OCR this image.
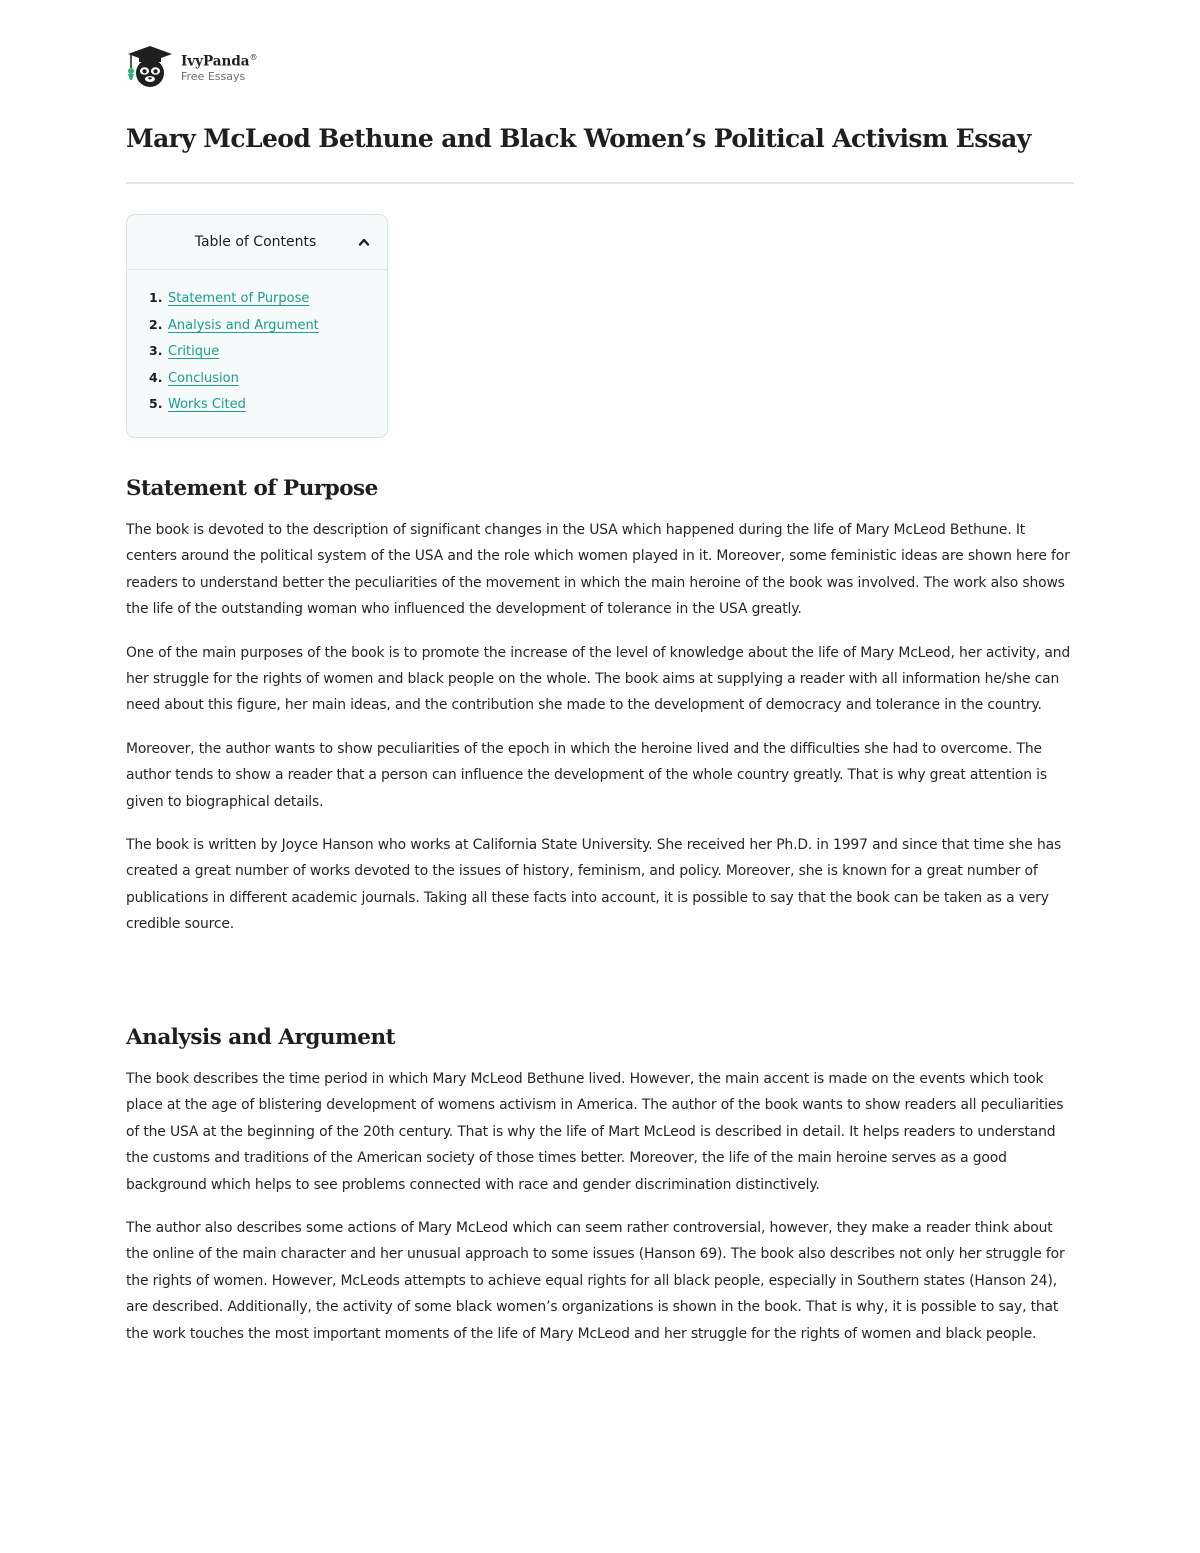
IvyPanda®
Free Essays
Mary McLeod Bethune and Black Women’s Political Activism Essay
Table of Contents
1. Statement of Purpose
2. Analysis and Argument
3. Critique
4. Conclusion
5. Works Cited
Statement of Purpose

The book is devoted to the description of significant changes in the USA which happened during the life of Mary McLeod Bethune. It centers around the political system of the USA and the role which women played in it. Moreover, some feministic ideas are shown here for readers to understand better the peculiarities of the movement in which the main heroine of the book was involved. The work also shows the life of the outstanding woman who influenced the development of tolerance in the USA greatly.

One of the main purposes of the book is to promote the increase of the level of knowledge about the life of Mary McLeod, her activity, and her struggle for the rights of women and black people on the whole. The book aims at supplying a reader with all information he/she can need about this figure, her main ideas, and the contribution she made to the development of democracy and tolerance in the country.

Moreover, the author wants to show peculiarities of the epoch in which the heroine lived and the difficulties she had to overcome. The author tends to show a reader that a person can influence the development of the whole country greatly. That is why great attention is given to biographical details.

The book is written by Joyce Hanson who works at California State University. She received her Ph.D. in 1997 and since that time she has created a great number of works devoted to the issues of history, feminism, and policy. Moreover, she is known for a great number of publications in different academic journals. Taking all these facts into account, it is possible to say that the book can be taken as a very credible source.

Analysis and Argument

The book describes the time period in which Mary McLeod Bethune lived. However, the main accent is made on the events which took place at the age of blistering development of womens activism in America. The author of the book wants to show readers all peculiarities of the USA at the beginning of the 20th century. That is why the life of Mart McLeod is described in detail. It helps readers to understand the customs and traditions of the American society of those times better. Moreover, the life of the main heroine serves as a good background which helps to see problems connected with race and gender discrimination distinctively.

The author also describes some actions of Mary McLeod which can seem rather controversial, however, they make a reader think about the online of the main character and her unusual approach to some issues (Hanson 69). The book also describes not only her struggle for the rights of women. However, McLeods attempts to achieve equal rights for all black people, especially in Southern states (Hanson 24), are described. Additionally, the activity of some black women’s organizations is shown in the book. That is why, it is possible to say, that the work touches the most important moments of the life of Mary McLeod and her struggle for the rights of women and black people.
